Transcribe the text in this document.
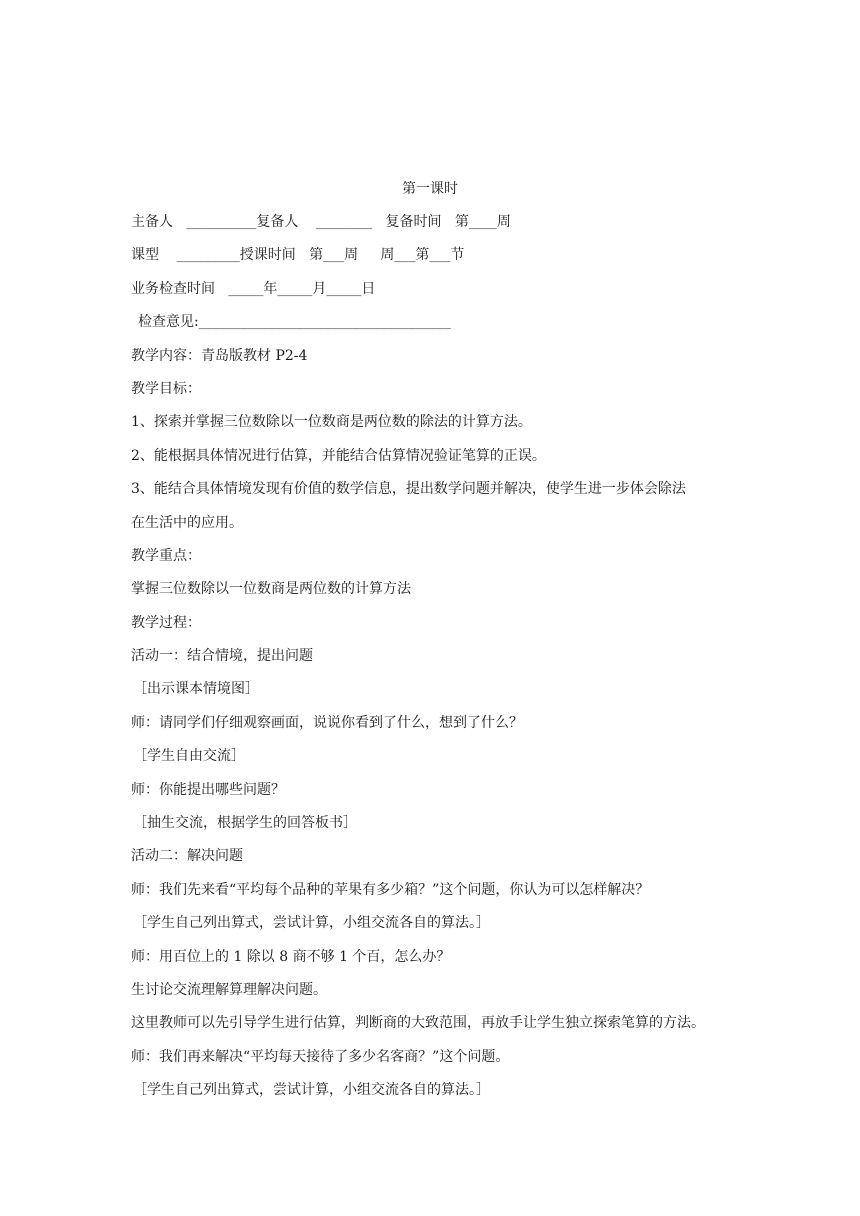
第一课时
主备人   __________复备人    ________   复备时间   第____周
课型    _________授课时间   第___周     周___第___节
业务检查时间   _____年_____月_____日
检查意见:____________________________________
教学内容：青岛版教材 P2-4
教学目标：
1、探索并掌握三位数除以一位数商是两位数的除法的计算方法。
2、能根据具体情况进行估算，并能结合估算情况验证笔算的正误。
3、能结合具体情境发现有价值的数学信息，提出数学问题并解决，使学生进一步体会除法
在生活中的应用。
教学重点：
掌握三位数除以一位数商是两位数的计算方法
教学过程：
活动一：结合情境，提出问题
［出示课本情境图］
师：请同学们仔细观察画面，说说你看到了什么，想到了什么？
［学生自由交流］
师：你能提出哪些问题？
［抽生交流，根据学生的回答板书］
活动二：解决问题
师：我们先来看“平均每个品种的苹果有多少箱？”这个问题，你认为可以怎样解决？
［学生自己列出算式，尝试计算，小组交流各自的算法。］
师：用百位上的 1 除以 8 商不够 1 个百，怎么办？
生讨论交流理解算理解决问题。
这里教师可以先引导学生进行估算，判断商的大致范围，再放手让学生独立探索笔算的方法。
师：我们再来解决“平均每天接待了多少名客商？”这个问题。
［学生自己列出算式，尝试计算，小组交流各自的算法。］
